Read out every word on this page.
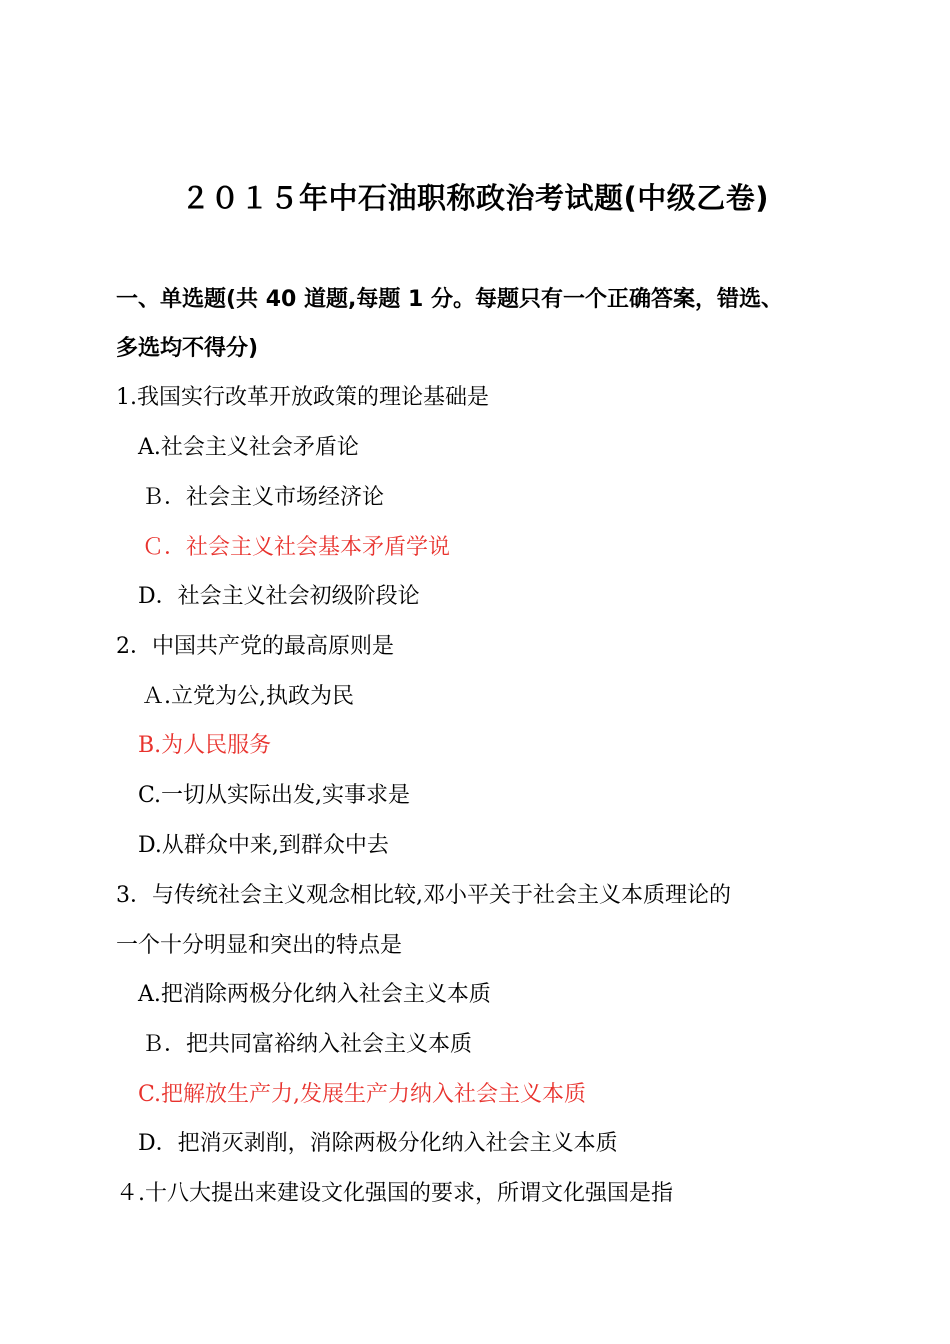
２０１５年中石油职称政治考试题(中级乙卷)
一、单选题(共 40 道题,每题 1 分。每题只有一个正确答案，错选、
多选均不得分)
1.我国实行改革开放政策的理论基础是
A.社会主义社会矛盾论
Ｂ．社会主义市场经济论
Ｃ．社会主义社会基本矛盾学说
D．社会主义社会初级阶段论
2．中国共产党的最高原则是
Ａ.立党为公,执政为民
B.为人民服务
C.一切从实际出发,实事求是
D.从群众中来,到群众中去
3．与传统社会主义观念相比较,邓小平关于社会主义本质理论的
一个十分明显和突出的特点是
A.把消除两极分化纳入社会主义本质
Ｂ．把共同富裕纳入社会主义本质
C.把解放生产力,发展生产力纳入社会主义本质
D．把消灭剥削，消除两极分化纳入社会主义本质
４.十八大提出来建设文化强国的要求，所谓文化强国是指
